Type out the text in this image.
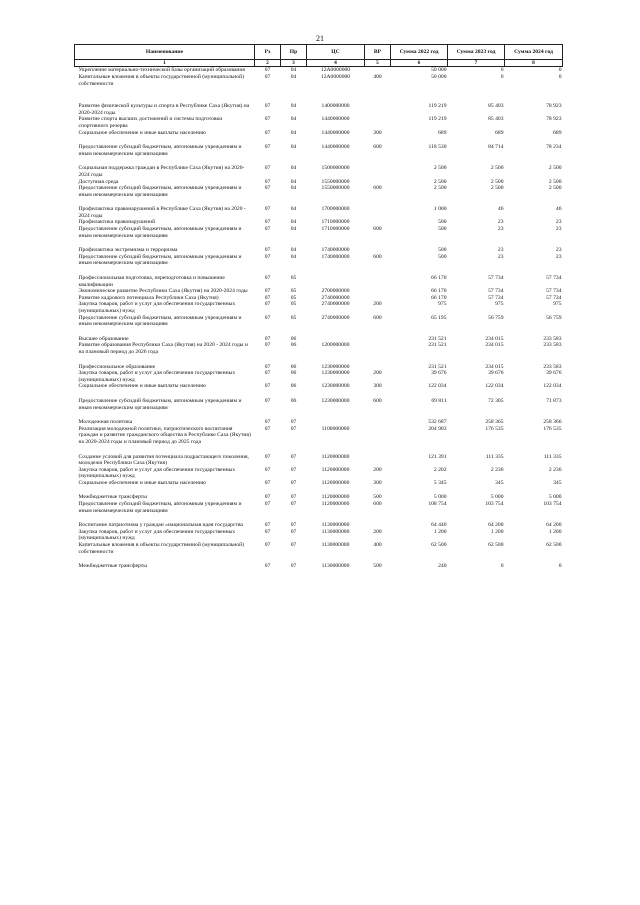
. . . . . . . . . . . . . .
21
Наименование	Рз	Пр	ЦС	ВР	Сумма 2022 год	Сумма 2023 год	Сумма 2024 год
1	2	3	4	5	6	7	8
Укрепление материально-технической базы организаций образования	07	04	12А0000000		50 000	0	0
Капитальные вложения в объекты государственной (муниципальной) собственности	07	04	12А0000000	400	50 000	0	0

Развитие физической культуры и спорта в Республике Саха (Якутия) на 2020-2024 годы	07	04	1400000000		119 219	85 403	78 923
Развитие спорта высших достижений и системы подготовки спортивного резерва	07	04	1440000000		119 219	85 403	78 923
Социальное обеспечение и иные выплаты населению	07	04	1440000000	300	689	689	689

Предоставление субсидий бюджетным, автономным учреждениям и иным некоммерческим организациям	07	04	1440000000	600	118 530	84 714	78 234

Социальная поддержка граждан в Республике Саха (Якутия) на 2020-2024 годы	07	04	1500000000		2 500	2 500	2 500
Доступная среда	07	04	1550000000		2 500	2 500	2 500
Предоставление субсидий бюджетным, автономным учреждениям и иным некоммерческим организациям	07	04	1550000000	600	2 500	2 500	2 500

Профилактика правонарушений в Республике Саха (Якутия) на 2020 - 2024 годы	07	04	1700000000		1 000	46	46
Профилактика правонарушений	07	04	1710000000		500	23	23
Предоставление субсидий бюджетным, автономным учреждениям и иным некоммерческим организациям	07	04	1710000000	600	500	23	23

Профилактика экстремизма и терроризма	07	04	1740000000		500	23	23
Предоставление субсидий бюджетным, автономным учреждениям и иным некоммерческим организациям	07	04	1740000000	600	500	23	23

Профессиональная подготовка, переподготовка и повышение квалификации	07	05			66 170	57 734	57 734
Экономическое развитие Республики Саха (Якутия) на 2020-2024 годы	07	05	2700000000		66 170	57 734	57 734
Развитие кадрового потенциала Республики Саха (Якутия)	07	05	2740000000		66 170	57 734	57 734
Закупка товаров, работ и услуг для обеспечения государственных (муниципальных) нужд	07	05	2740000000	200	975	975	975
Предоставление субсидий бюджетным, автономным учреждениям и иным некоммерческим организациям	07	05	2740000000	600	65 195	56 759	56 759

Высшее образование	07	06			231 521	234 015	233 583
Развитие образования Республики Саха (Якутия) на 2020 - 2024 годы и на плановый период до 2026 года	07	06	1200000000		231 521	234 015	233 583

Профессиональное образование	07	06	1230000000		231 521	234 015	233 583
Закупка товаров, работ и услуг для обеспечения государственных (муниципальных) нужд	07	06	1230000000	200	39 676	39 676	39 676
Социальное обеспечение и иные выплаты населению	07	06	1230000000	300	122 034	122 034	122 034

Предоставление субсидий бюджетным, автономным учреждениям и иным некоммерческим организациям	07	06	1230000000	600	69 811	72 305	71 873

Молодежная политика	07	07			532 687	258 365	258 366
Реализация молодежной политики, патриотического воспитания граждан и развитие гражданского общества в Республике Саха (Якутия) на 2020-2024 годы и плановый период до 2025 года	07	07	1100000000		204 903	176 535	176 535

Создание условий для развития потенциала подрастающего поколения, молодежи Республики Саха (Якутия)	07	07	1120000000		121 391	111 335	111 335
Закупка товаров, работ и услуг для обеспечения государственных (муниципальных) нужд	07	07	1120000000	200	2 202	2 236	2 236
Социальное обеспечение и иные выплаты населению	07	07	1120000000	300	5 345	345	345

Межбюджетные трансферты	07	07	1120000000	500	5 000	5 000	5 000
Предоставление субсидий бюджетным, автономным учреждениям и иным некоммерческим организациям	07	07	1120000000	600	108 754	103 754	103 754

Воспитание патриотизма у граждан «национальная идея государства	07	07	1130000000		64 440	64 200	64 200
Закупка товаров, работ и услуг для обеспечения государственных (муниципальных) нужд	07	07	1130000000	200	1 200	1 200	1 200
Капитальные вложения в объекты государственной (муниципальной) собственности	07	07	1130000000	400	62 500	62 500	62 500

Межбюджетные трансферты	07	07	1130000000	500	240	0	0
